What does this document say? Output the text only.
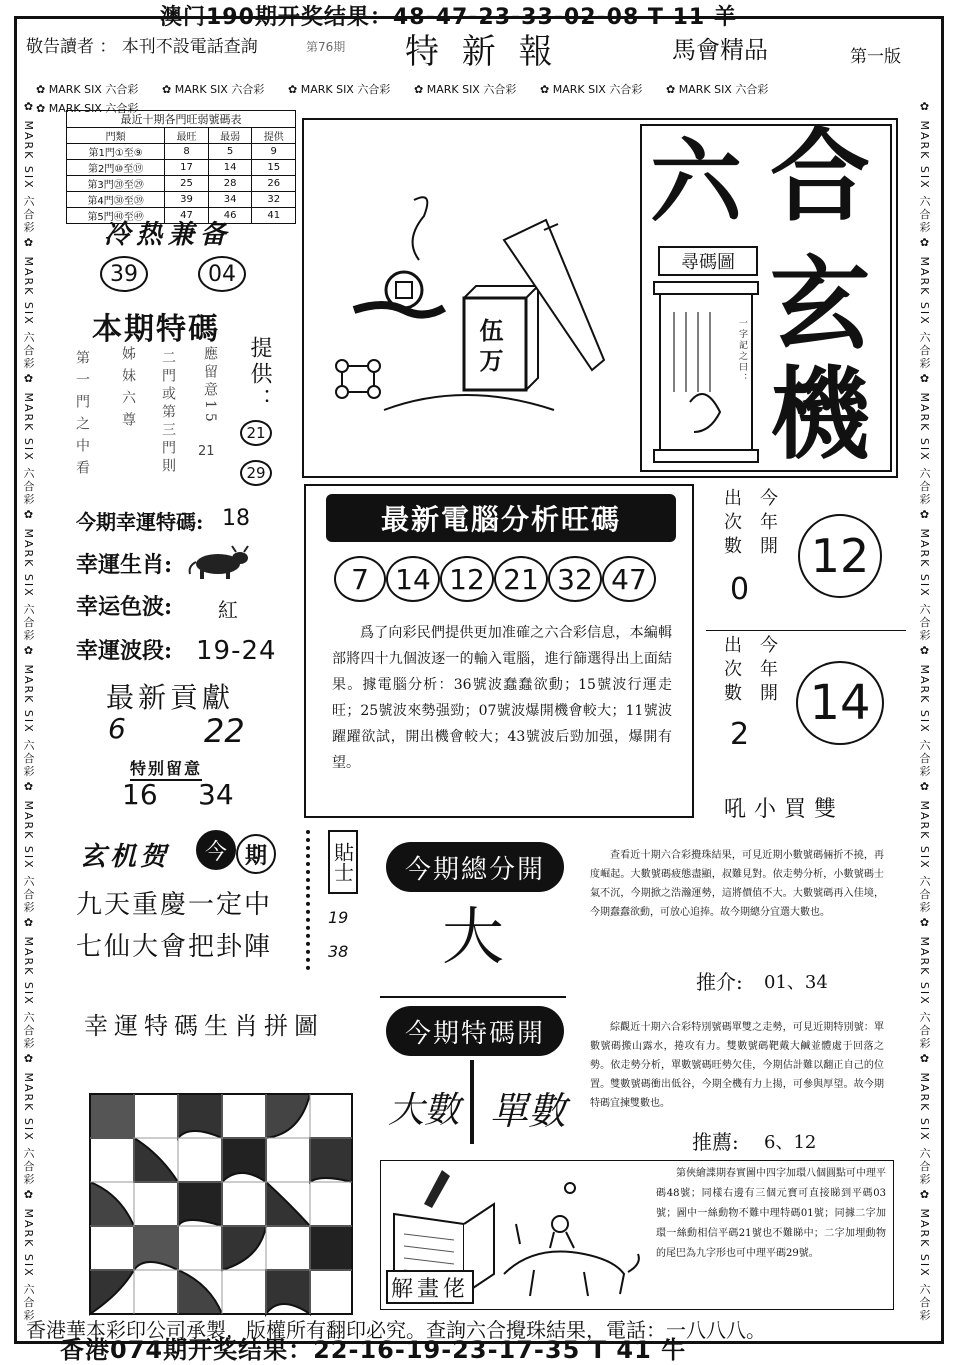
澳门190期开奖结果：48-47-23-33-02-08 T 11 羊
敬告讀者 ： 本刊不設電話查詢	第76期 特 新 報	馬會精品	第一版
✿ MARK SIX 六合彩 ✿ MARK SIX 六合彩 ✿ MARK SIX 六合彩 ✿ MARK SIX 六合彩 ✿ MARK SIX 六合彩 ✿ MARK SIX 六合彩✿ MARK SIX 六合彩
✿ MARK SIX 六合彩
✿ MARK SIX 六合彩
✿ MARK SIX 六合彩
✿ MARK SIX 六合彩
✿ MARK SIX 六合彩
✿ MARK SIX 六合彩
✿ MARK SIX 六合彩
✿ MARK SIX 六合彩
✿ MARK SIX 六合彩
✿ MARK SIX 六合彩
✿ MARK SIX 六合彩
✿ MARK SIX 六合彩
✿ MARK SIX 六合彩
✿ MARK SIX 六合彩
✿ MARK SIX 六合彩
✿ MARK SIX 六合彩
✿ MARK SIX 六合彩
✿ MARK SIX 六合彩
最近十期各門旺弱號碼表
門類	最旺	最弱	提供
第1門①至⑨	8	5	9
第2門⑩至⑲	17	14	15
第3門⑳至㉙	25	28	26
第4門㉚至㊴	39	34	32
第5門㊵至㊾	47	46	41
冷热兼备
39	04
本期特碼
提供：
第一門之中看 姊妹六尊 二門或第三門則 應留意15
21
21
29
今期幸運特碼: 18
幸運生肖:
幸运色波: 紅
幸運波段: 19-24
最新貢獻
6 22
特别留意
16 34
玄机贺	今 期
九天重慶一定中
七仙大會把卦陣
貼士
19
38
幸運特碼生肖拼圖
伍万
六 合
玄
機
尋碼圖
一字記之曰：
最新電腦分析旺碼
7 14 12 21 32 47
爲了向彩民們提供更加准確之六合彩信息，本編輯部將四十九個波逐一的輸入電腦，進行篩選得出上面結果。據電腦分析：36號波蠢蠢欲動；15號波行運走旺；25號波來勢强勁；07號波爆開機會較大；11號波躍躍欲試，開出機會較大；43號波后勁加强，爆開有望。
出次數 今年開
0
12
出次數 今年開
2
14
吼小買雙
查看近十期六合彩攪珠結果，可見近期小數號碼倆折不撓，再度崛起。大數號碼疲態盡顯，叔難見對。依走勢分析，小數號碼士氣不沉，今期掀之浩瀚運勢，這將價值不大。大數號碼再入佳境，今期蠢蠢欲動，可放心追捧。故今期總分宜選大數也。
推介: 01、34
今期總分開
大
今期特碼開
大數 單數
綜觀近十期六合彩特別號碼單雙之走勢，可見近期特別號：單數號碼搬山露水，捲攻有力。雙數號碼靶戴大鹹並體處于回落之勢。依走勢分析，單數號碼旺勢欠佳，今期估計難以翻正自己的位置。雙數號碼衝出低谷，今期全機有力上揚，可參與厚望。故今期特碼宜揀雙數也。
推薦: 6、12
解畫佬
第俠繪諜期春實圖中四字加環八個圓點可中理平碼48號；同樣右邊有三個元寶可直接睇到平碼03號；圖中一絲動物不難中理特碼01號；同據二字加環一絲動相信平碼21號也不難睇中；二字加埋動物的尾巴為九字形也可中理平碼29號。
香港華本彩印公司承製，版權所有翻印必究。查詢六合攪珠結果，電話：一八八八。
香港074期开奖结果：22-16-19-23-17-35 T 41 牛
